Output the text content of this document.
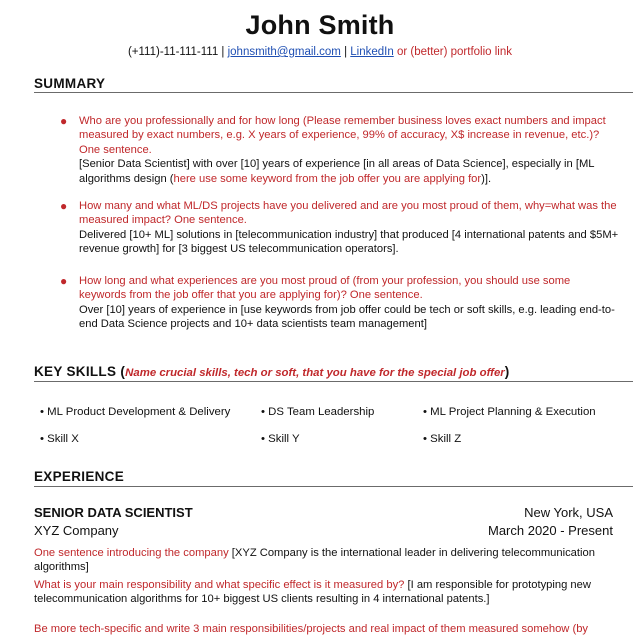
John Smith
(+111)-11-111-111 | johnsmith@gmail.com | LinkedIn or (better) portfolio link
SUMMARY
● Who are you professionally and for how long (Please remember business loves exact numbers and impact measured by exact numbers, e.g. X years of experience, 99% of accuracy, X$ increase in revenue, etc.)? One sentence.
[Senior Data Scientist] with over [10] years of experience [in all areas of Data Science], especially in [ML algorithms design (here use some keyword from the job offer you are applying for)].
● How many and what ML/DS projects have you delivered and are you most proud of them, why=what was the measured impact? One sentence.
Delivered [10+ ML] solutions in [telecommunication industry] that produced [4 international patents and $5M+ revenue growth] for [3 biggest US telecommunication operators].
● How long and what experiences are you most proud of (from your profession, you should use some keywords from the job offer that you are applying for)? One sentence.
Over [10] years of experience in [use keywords from job offer could be tech or soft skills, e.g. leading end-to-end Data Science projects and 10+ data scientists team management]
KEY SKILLS (Name crucial skills, tech or soft, that you have for the special job offer)
• ML Product Development & Delivery	• DS Team Leadership	• ML Project Planning & Execution
• Skill X	• Skill Y	• Skill Z
EXPERIENCE
SENIOR DATA SCIENTIST	New York, USA
XYZ Company	March 2020 - Present
One sentence introducing the company [XYZ Company is the international leader in delivering telecommunication algorithms]
What is your main responsibility and what specific effect is it measured by? [I am responsible for prototyping new telecommunication algorithms for 10+ biggest US clients resulting in 4 international patents.]
Be more tech-specific and write 3 main responsibilities/projects and real impact of them measured somehow (by
